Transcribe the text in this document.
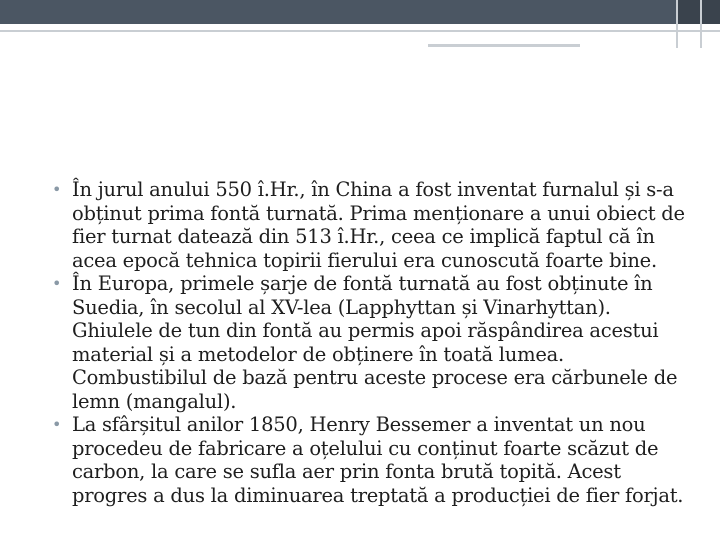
• În jurul anului 550 î.Hr., în China a fost inventat furnalul și s-a obținut prima fontă turnată. Prima menționare a unui obiect de fier turnat datează din 513 î.Hr., ceea ce implică faptul că în acea epocă tehnica topirii fierului era cunoscută foarte bine.

• În Europa, primele șarje de fontă turnată au fost obținute în Suedia, în secolul al XV-lea (Lapphyttan și Vinarhyttan). Ghiulele de tun din fontă au permis apoi răspândirea acestui material și a metodelor de obținere în toată lumea. Combustibilul de bază pentru aceste procese era cărbunele de lemn (mangalul).

• La sfârșitul anilor 1850, Henry Bessemer a inventat un nou procedeu de fabricare a oțelului cu conținut foarte scăzut de carbon, la care se sufla aer prin fonta brută topită. Acest progres a dus la diminuarea treptată a producției de fier forjat.
